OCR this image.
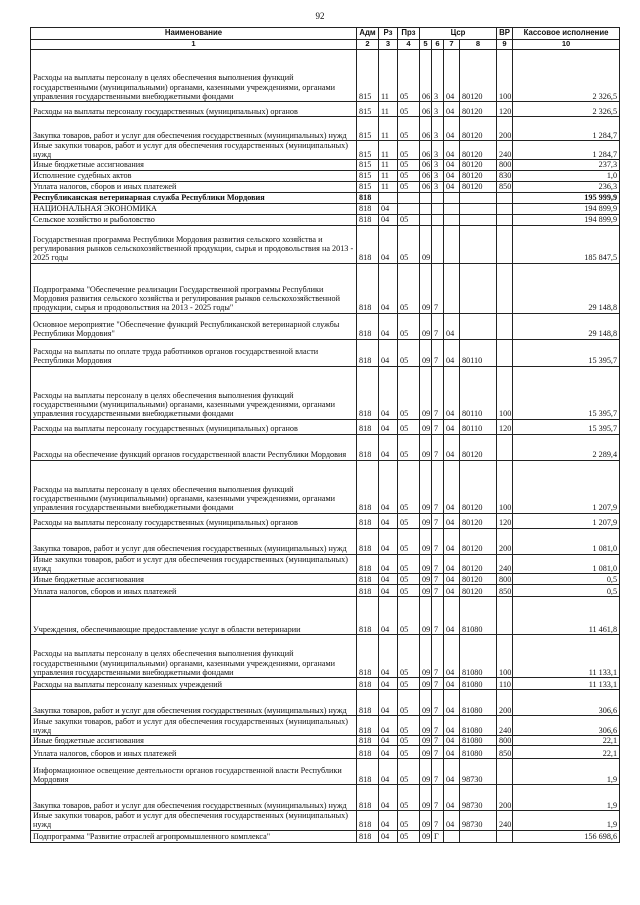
92
Наименование	Адм	Рз	Прз	Цср				ВР	Кассовое исполнение
1	2	3	4	5	6	7	8	9	10
Расходы на выплаты персоналу в целях обеспечения выполнения функций государственными (муниципальными) органами, казенными учреждениями, органами управления государственными внебюджетными фондами	815	11	05	06	3	04	80120	100	2 326,5
Расходы на выплаты персоналу государственных (муниципальных) органов	815	11	05	06	3	04	80120	120	2 326,5
Закупка товаров, работ и услуг для обеспечения государственных (муниципальных) нужд	815	11	05	06	3	04	80120	200	1 284,7
Иные закупки товаров, работ и услуг для обеспечения государственных (муниципальных) нужд	815	11	05	06	3	04	80120	240	1 284,7
Иные бюджетные ассигнования	815	11	05	06	3	04	80120	800	237,3
Исполнение судебных актов	815	11	05	06	3	04	80120	830	1,0
Уплата налогов, сборов и иных платежей	815	11	05	06	3	04	80120	850	236,3
Республиканская ветеринарная служба Республики Мордовия	818								195 999,9
НАЦИОНАЛЬНАЯ ЭКОНОМИКА	818	04							194 899,9
Сельское хозяйство и рыболовство	818	04	05						194 899,9
Государственная программа Республики Мордовия развития сельского хозяйства и регулирования рынков сельскохозяйственной продукции, сырья и продовольствия на 2013 - 2025 годы	818	04	05	09					185 847,5
Подпрограмма "Обеспечение реализации Государственной программы Республики Мордовия развития сельского хозяйства и регулирования рынков сельскохозяйственной продукции, сырья и продовольствия на 2013 - 2025 годы"	818	04	05	09	7				29 148,8
Основное мероприятие "Обеспечение функций Республиканской ветеринарной службы Республики Мордовия"	818	04	05	09	7	04			29 148,8
Расходы на выплаты по оплате труда работников органов государственной власти Республики Мордовия	818	04	05	09	7	04	80110		15 395,7
Расходы на выплаты персоналу в целях обеспечения выполнения функций государственными (муниципальными) органами, казенными учреждениями, органами управления государственными внебюджетными фондами	818	04	05	09	7	04	80110	100	15 395,7
Расходы на выплаты персоналу государственных (муниципальных) органов	818	04	05	09	7	04	80110	120	15 395,7
Расходы на обеспечение функций органов государственной власти Республики Мордовия	818	04	05	09	7	04	80120		2 289,4
Расходы на выплаты персоналу в целях обеспечения выполнения функций государственными (муниципальными) органами, казенными учреждениями, органами управления государственными внебюджетными фондами	818	04	05	09	7	04	80120	100	1 207,9
Расходы на выплаты персоналу государственных (муниципальных) органов	818	04	05	09	7	04	80120	120	1 207,9
Закупка товаров, работ и услуг для обеспечения государственных (муниципальных) нужд	818	04	05	09	7	04	80120	200	1 081,0
Иные закупки товаров, работ и услуг для обеспечения государственных (муниципальных) нужд	818	04	05	09	7	04	80120	240	1 081,0
Иные бюджетные ассигнования	818	04	05	09	7	04	80120	800	0,5
Уплата налогов, сборов и иных платежей	818	04	05	09	7	04	80120	850	0,5
Учреждения, обеспечивающие предоставление услуг в области ветеринарии	818	04	05	09	7	04	81080		11 461,8
Расходы на выплаты персоналу в целях обеспечения выполнения функций государственными (муниципальными) органами, казенными учреждениями, органами управления государственными внебюджетными фондами	818	04	05	09	7	04	81080	100	11 133,1
Расходы на выплаты персоналу казенных учреждений	818	04	05	09	7	04	81080	110	11 133,1
Закупка товаров, работ и услуг для обеспечения государственных (муниципальных) нужд	818	04	05	09	7	04	81080	200	306,6
Иные закупки товаров, работ и услуг для обеспечения государственных (муниципальных) нужд	818	04	05	09	7	04	81080	240	306,6
Иные бюджетные ассигнования	818	04	05	09	7	04	81080	800	22,1
Уплата налогов, сборов и иных платежей	818	04	05	09	7	04	81080	850	22,1
Информационное освещение деятельности органов государственной власти Республики Мордовия	818	04	05	09	7	04	98730		1,9
Закупка товаров, работ и услуг для обеспечения государственных (муниципальных) нужд	818	04	05	09	7	04	98730	200	1,9
Иные закупки товаров, работ и услуг для обеспечения государственных (муниципальных) нужд	818	04	05	09	7	04	98730	240	1,9
Подпрограмма "Развитие отраслей агропромышленного комплекса"	818	04	05	09	Г				156 698,6
